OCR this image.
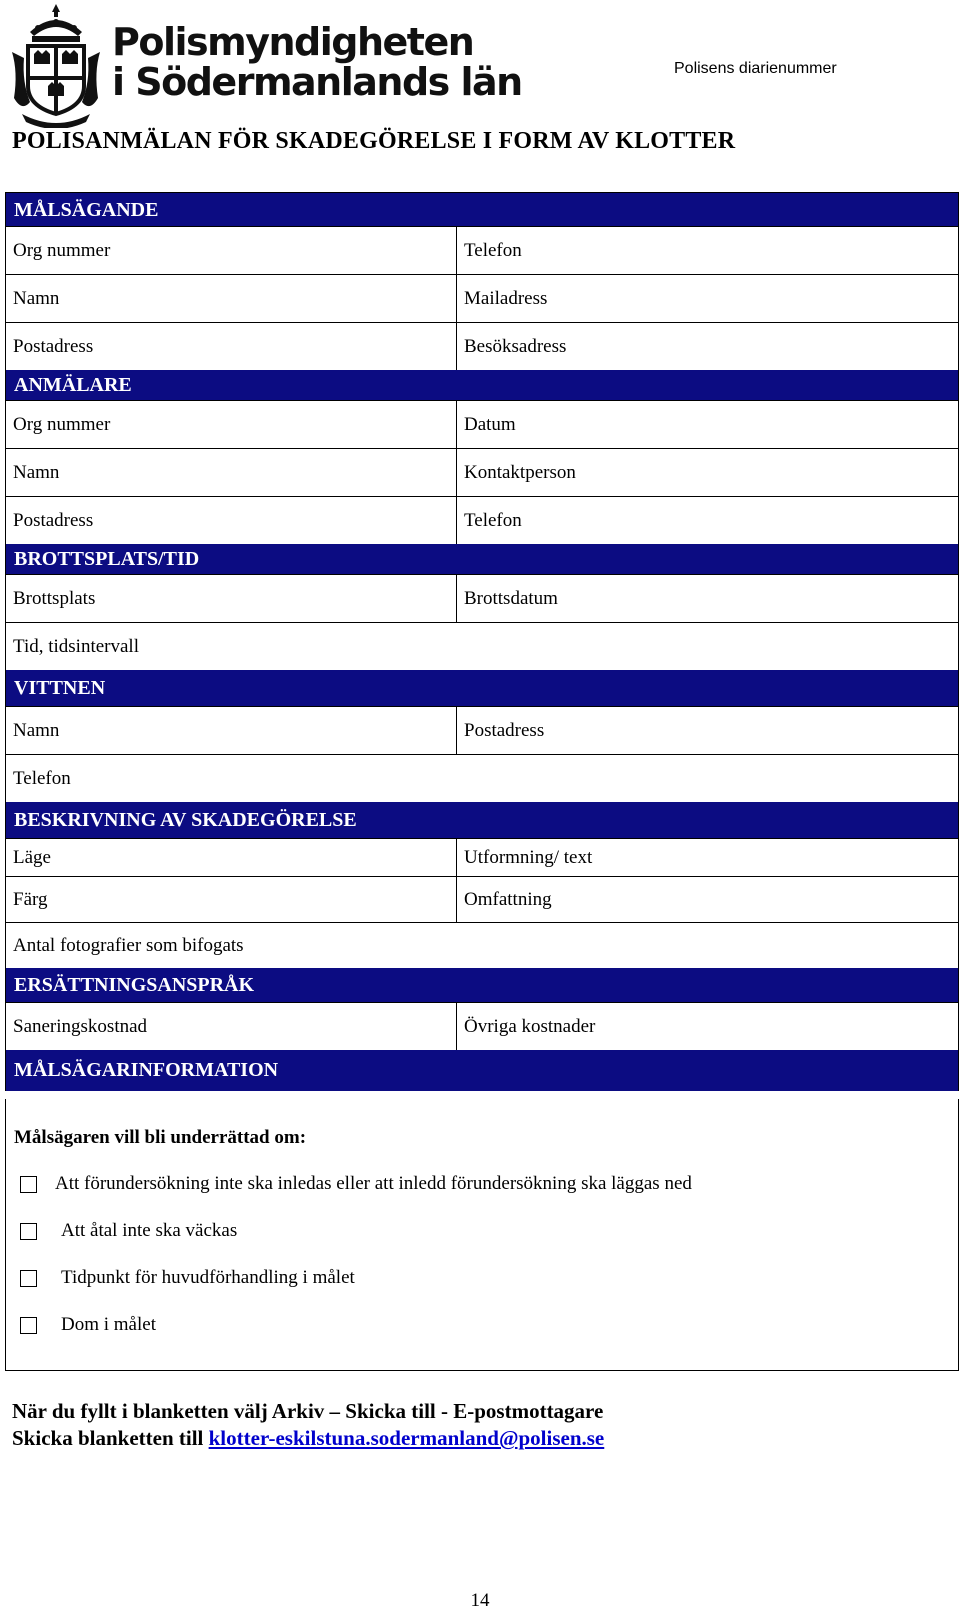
Polismyndigheten
i Södermanlands län	Polisens diarienummer
POLISANMÄLAN FÖR SKADEGÖRELSE I FORM AV KLOTTER
MÅLSÄGANDE
Org nummer	Telefon
Namn	Mailadress
Postadress	Besöksadress
ANMÄLARE
Org nummer	Datum
Namn	Kontaktperson
Postadress	Telefon
BROTTSPLATS/TID
Brottsplats	Brottsdatum
Tid, tidsintervall
VITTNEN
Namn	Postadress
Telefon
BESKRIVNING AV SKADEGÖRELSE
Läge	Utformning/ text
Färg	Omfattning
Antal fotografier som bifogats
ERSÄTTNINGSANSPRÅK
Saneringskostnad	Övriga kostnader
MÅLSÄGARINFORMATION
Målsägaren vill bli underrättad om:
Att förundersökning inte ska inledas eller att inledd förundersökning ska läggas ned
Att åtal inte ska väckas
Tidpunkt för huvudförhandling i målet
Dom i målet
När du fyllt i blanketten välj Arkiv – Skicka till - E-postmottagare
Skicka blanketten till klotter-eskilstuna.sodermanland@polisen.se
14
